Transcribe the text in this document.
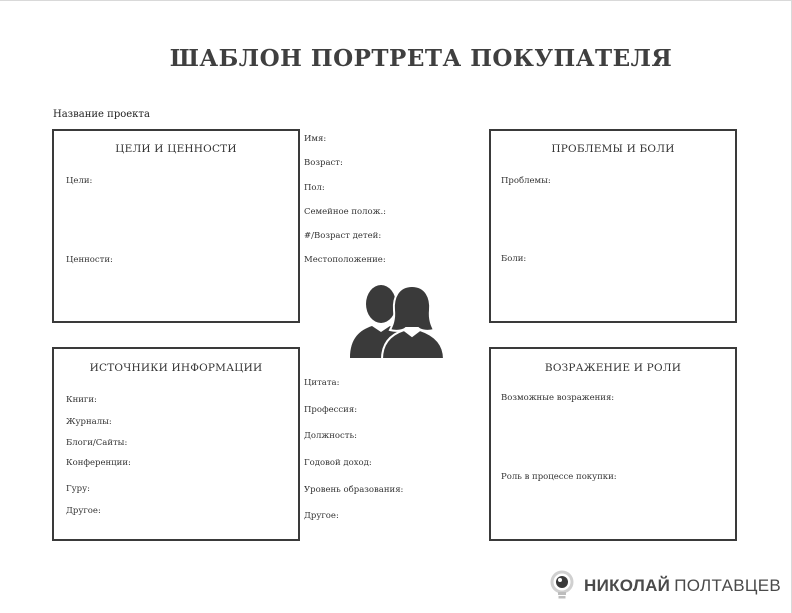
ШАБЛОН ПОРТРЕТА ПОКУПАТЕЛЯ
Название проекта
ЦЕЛИ И ЦЕННОСТИ
Цели:
Ценности:
ПРОБЛЕМЫ И БОЛИ
Проблемы:
Боли:
ИСТОЧНИКИ ИНФОРМАЦИИ
Книги:
Журналы:
Блоги/Сайты:
Конференции:
Гуру:
Другое:
ВОЗРАЖЕНИЕ И РОЛИ
Возможные возражения:
Роль в процессе покупки:
Имя:
Возраст:
Пол:
Семейное полож.:
#/Возраст детей:
Местоположение:
Цитата:
Профессия:
Должность:
Годовой доход:
Уровень образования:
Другое:
НИКОЛАЙ ПОЛТАВЦЕВ
